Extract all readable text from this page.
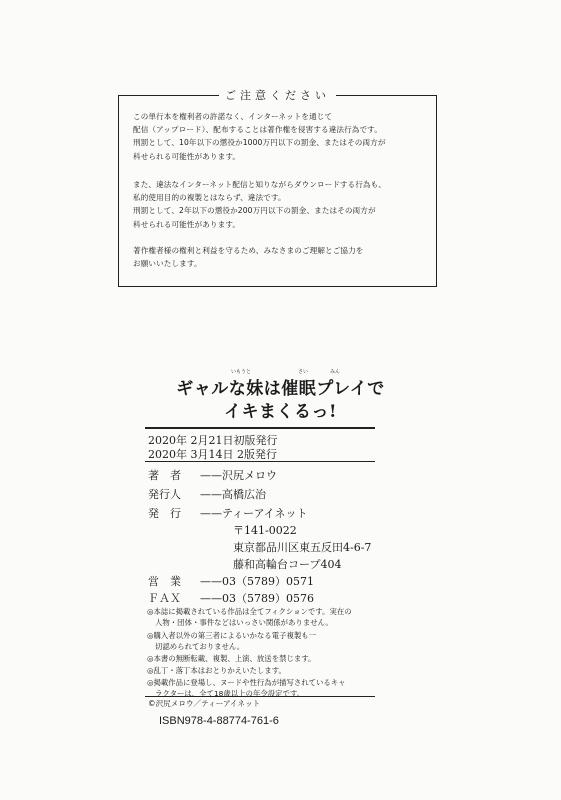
ご注意ください
この単行本を権利者の許諾なく、インターネットを通じて
配信（アップロード）、配布することは著作権を侵害する違法行為です。
刑罰として、10年以下の懲役か1000万円以下の罰金、またはその両方が
科せられる可能性があります。
また、違法なインターネット配信と知りながらダウンロードする行為も、
私的使用目的の複製とはならず、違法です。
刑罰として、2年以下の懲役か200万円以下の罰金、またはその両方が
科せられる可能性があります。
著作権者様の権利と利益を守るため、みなさまのご理解とご協力を
お願いいたします。
いもうと	さい	みん
ギャルな妹は催眠プレイで
イキまくるっ!
2020年 2月21日初版発行
2020年 3月14日 2版発行
著　者 ——沢尻メロウ
発行人 ——高橋広治
発　行 ——ティーアイネット
〒141-0022
東京都品川区東五反田4-6-7
藤和高輪台コープ404
営　業 ——03（5789）0571
ＦＡＸ ——03（5789）0576
◎本誌に掲載されている作品は全てフィクションです。実在の
人物・団体・事件などはいっさい関係がありません。
◎購入者以外の第三者によるいかなる電子複製も一
切認められておりません。
◎本書の無断転載、複製、上演、放送を禁じます。
◎乱丁・落丁本はおとりかえいたします。
◎掲載作品に登場し、ヌードや性行為が描写されているキャ
ラクターは、全て18歳以上の年令設定です。
©沢尻メロウ／ティーアイネット
ISBN978-4-88774-761-6
